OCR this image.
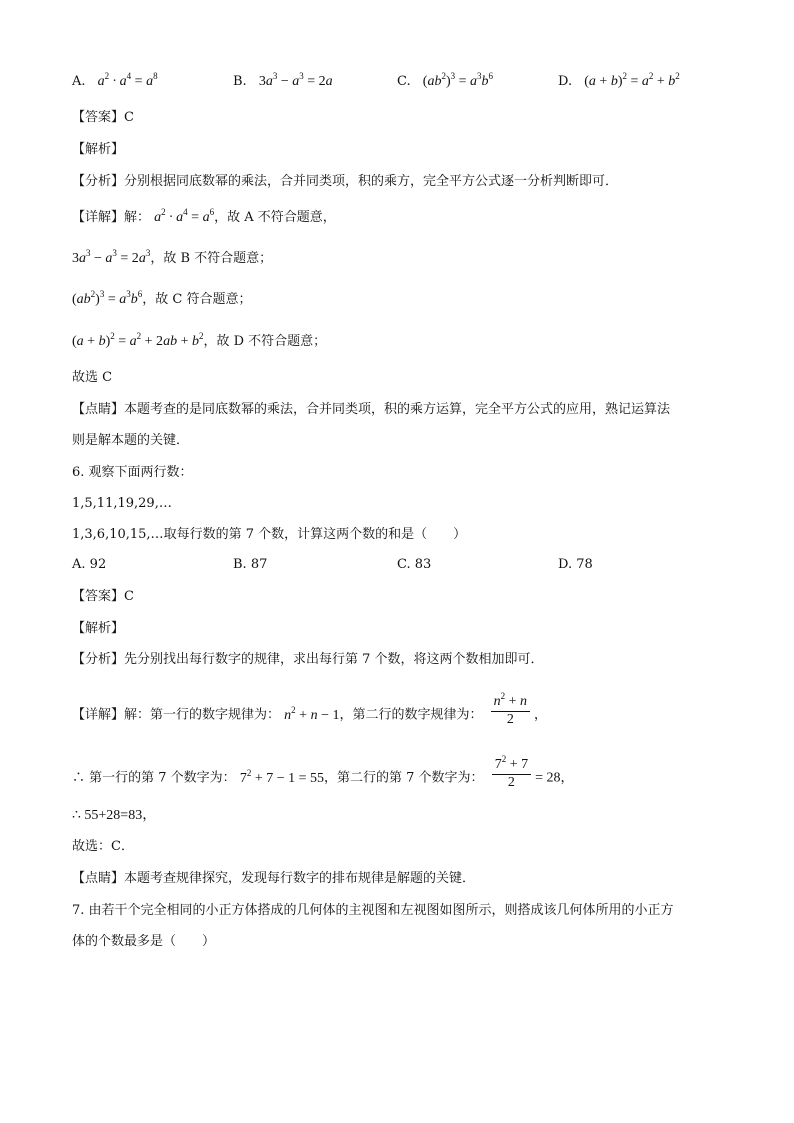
A. $a^2 \cdot a^4 = a^8$	B. $3a^3 - a^3 = 2a$	C. $(ab^2)^3 = a^3b^6$	D. $(a + b)^2 = a^2 + b^2$
【答案】C
【解析】
【分析】分别根据同底数幂的乘法，合并同类项，积的乘方，完全平方公式逐一分析判断即可．
【详解】解： $a^2 \cdot a^4 = a^6$，故 A 不符合题意，
$3a^3 - a^3 = 2a^3$，故 B 不符合题意；
$(ab^2)^3 = a^3b^6$，故 C 符合题意；
$(a + b)^2 = a^2 + 2ab + b^2$，故 D 不符合题意；
故选 C
【点睛】本题考查的是同底数幂的乘法，合并同类项，积的乘方运算，完全平方公式的应用，熟记运算法
则是解本题的关键．
6. 观察下面两行数：
1,5,11,19,29,…
1,3,6,10,15,…取每行数的第 7 个数，计算这两个数的和是（　　）
A. 92	B. 87	C. 83	D. 78
【答案】C
【解析】
【分析】先分别找出每行数字的规律，求出每行第 7 个数，将这两个数相加即可．
【详解】解：第一行的数字规律为： $n^2 + n - 1$，第二行的数字规律为： $\frac{n^2 + n}{2}$ ，
∴ 第一行的第 7 个数字为： $7^2 + 7 - 1 = 55$，第二行的第 7 个数字为： $\frac{7^2 + 7}{2} = 28$，
∴ 55+28=83，
故选：C．
【点睛】本题考查规律探究，发现每行数字的排布规律是解题的关键．
7. 由若干个完全相同的小正方体搭成的几何体的主视图和左视图如图所示，则搭成该几何体所用的小正方
体的个数最多是（　　）
